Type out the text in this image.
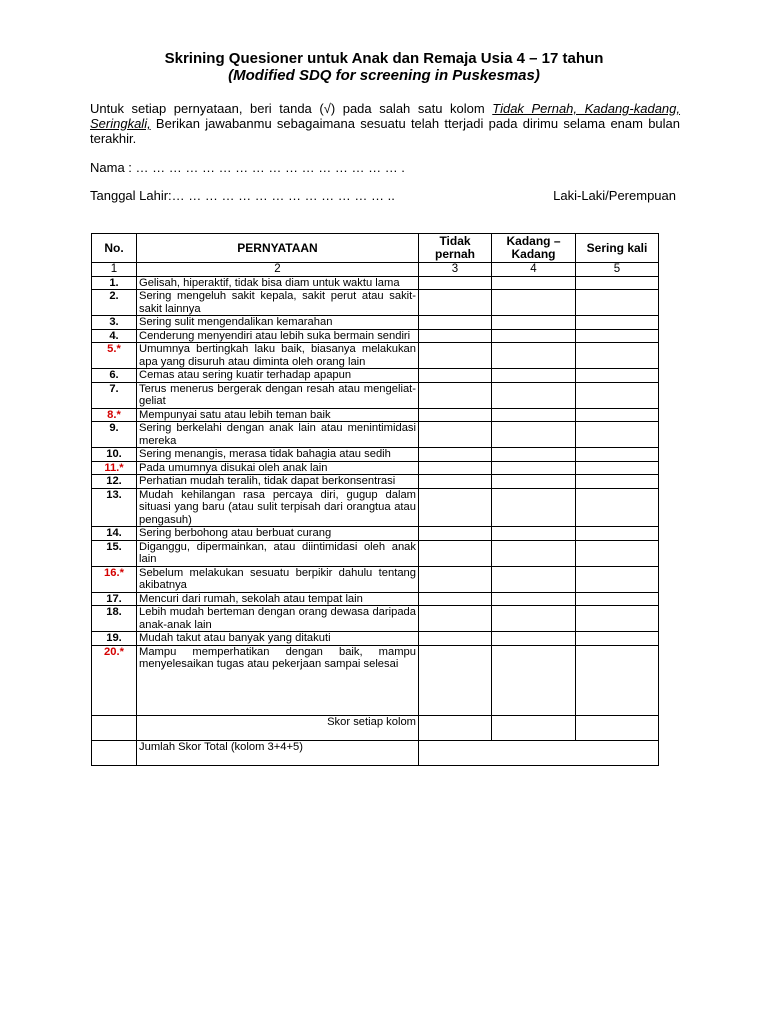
Skrining Quesioner untuk Anak dan Remaja Usia 4 – 17 tahun
(Modified SDQ for screening in Puskesmas)
Untuk setiap pernyataan, beri tanda (√) pada salah satu kolom Tidak Pernah, Kadang-kadang, Seringkali, Berikan jawabanmu sebagaimana sesuatu telah tterjadi pada dirimu selama enam bulan terakhir.
Nama : … … … … … … … … … … … … … … … … .
Tanggal Lahir:… … … … … … … … … … … … … ..	Laki-Laki/Perempuan
No.	PERNYATAAN	Tidak pernah	Kadang – Kadang	Sering kali
1	2	3	4	5
1.	Gelisah, hiperaktif, tidak bisa diam untuk waktu lama			
2.	Sering mengeluh sakit kepala, sakit perut atau sakit-sakit lainnya			
3.	Sering sulit mengendalikan kemarahan			
4.	Cenderung menyendiri atau lebih suka bermain sendiri			
5.*	Umumnya bertingkah laku baik, biasanya melakukan apa yang disuruh atau diminta oleh orang lain			
6.	Cemas atau sering kuatir terhadap apapun			
7.	Terus menerus bergerak dengan resah atau mengeliat-geliat			
8.*	Mempunyai satu atau lebih teman baik			
9.	Sering berkelahi dengan anak lain atau menintimidasi mereka			
10.	Sering menangis, merasa tidak bahagia atau sedih			
11.*	Pada umumnya disukai oleh anak lain			
12.	Perhatian mudah teralih, tidak dapat berkonsentrasi			
13.	Mudah kehilangan rasa percaya diri, gugup dalam situasi yang baru (atau sulit terpisah dari orangtua atau pengasuh)			
14.	Sering berbohong atau berbuat curang			
15.	Diganggu, dipermainkan, atau diintimidasi oleh anak lain			
16.*	Sebelum melakukan sesuatu berpikir dahulu tentang akibatnya			
17.	Mencuri dari rumah, sekolah atau tempat lain			
18.	Lebih mudah berteman dengan orang dewasa daripada anak-anak lain			
19.	Mudah takut atau banyak yang ditakuti			
20.*	Mampu memperhatikan dengan baik, mampu menyelesaikan tugas atau pekerjaan sampai selesai			
	Skor setiap kolom			
	Jumlah Skor Total (kolom 3+4+5)			
